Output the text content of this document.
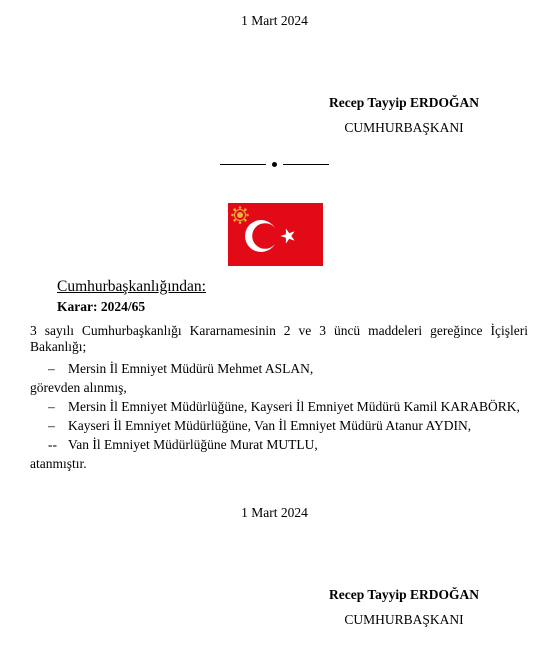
1 Mart 2024
Recep Tayyip ERDOĞAN
CUMHURBAŞKANI
Cumhurbaşkanlığından:
Karar: 2024/65
3 sayılı Cumhurbaşkanlığı Kararnamesinin 2 ve 3 üncü maddeleri gereğince İçişleri Bakanlığı;
– Mersin İl Emniyet Müdürü Mehmet ASLAN,
görevden alınmış,
– Mersin İl Emniyet Müdürlüğüne, Kayseri İl Emniyet Müdürü Kamil KARABÖRK,
– Kayseri İl Emniyet Müdürlüğüne, Van İl Emniyet Müdürü Atanur AYDIN,
-- Van İl Emniyet Müdürlüğüne Murat MUTLU,
atanmıştır.
1 Mart 2024
Recep Tayyip ERDOĞAN
CUMHURBAŞKANI
